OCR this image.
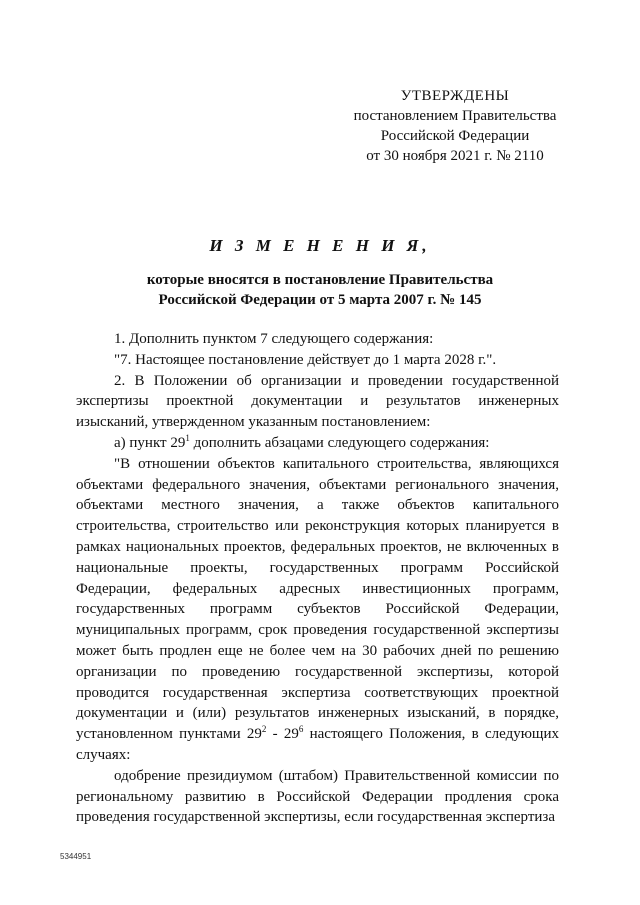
УТВЕРЖДЕНЫ
постановлением Правительства
Российской Федерации
от 30 ноября 2021 г. № 2110
И З М Е Н Е Н И Я,
которые вносятся в постановление Правительства
Российской Федерации от 5 марта 2007 г. № 145

1. Дополнить пунктом 7 следующего содержания:

"7. Настоящее постановление действует до 1 марта 2028 г.".

2. В Положении об организации и проведении государственной экспертизы проектной документации и результатов инженерных изысканий, утвержденном указанным постановлением:

а) пункт $29^1$ дополнить абзацами следующего содержания:

"В отношении объектов капитального строительства, являющихся объектами федерального значения, объектами регионального значения, объектами местного значения, а также объектов капитального строительства, строительство или реконструкция которых планируется в рамках национальных проектов, федеральных проектов, не включенных в национальные проекты, государственных программ Российской Федерации, федеральных адресных инвестиционных программ, государственных программ субъектов Российской Федерации, муниципальных программ, срок проведения государственной экспертизы может быть продлен еще не более чем на 30 рабочих дней по решению организации по проведению государственной экспертизы, которой проводится государственная экспертиза соответствующих проектной документации и (или) результатов инженерных изысканий, в порядке, установленном пунктами $29^2 - 29^6$ настоящего Положения, в следующих случаях:

одобрение президиумом (штабом) Правительственной комиссии по региональному развитию в Российской Федерации продления срока проведения государственной экспертизы, если государственная экспертиза

5344951
